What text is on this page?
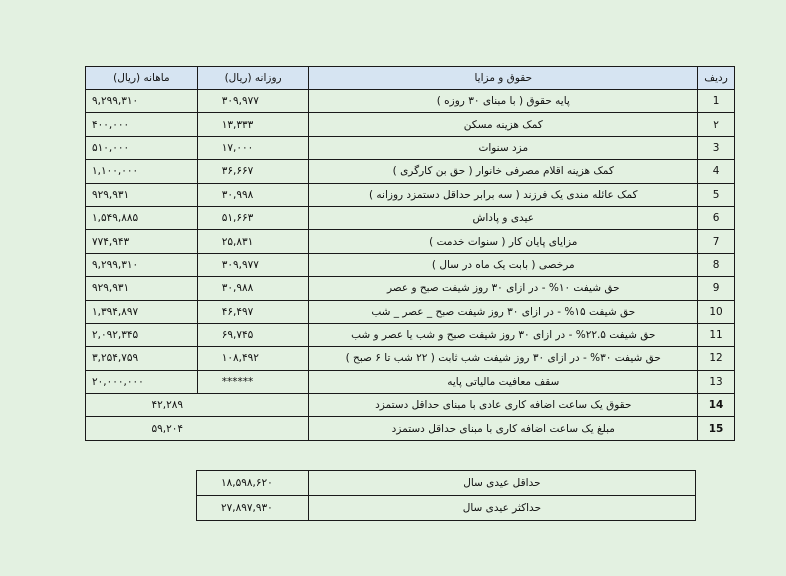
ردیف	حقوق و مزایا	روزانه (ریال)	ماهانه (ریال)
1	پایه حقوق ( با مبنای ۳۰ روزه )	۳۰۹,۹۷۷	۹,۲۹۹,۳۱۰
۲	کمک هزینه مسکن	۱۳,۳۳۳	۴۰۰,۰۰۰
3	مزد سنوات	۱۷,۰۰۰	۵۱۰,۰۰۰
4	کمک هزینه اقلام مصرفی خانوار ( حق بن کارگری )	۳۶,۶۶۷	۱,۱۰۰,۰۰۰
5	کمک عائله مندی یک فرزند ( سه برابر حداقل دستمزد روزانه )	۳۰,۹۹۸	۹۲۹,۹۳۱
6	عیدی و پاداش	۵۱,۶۶۳	۱,۵۴۹,۸۸۵
7	مزایای پایان کار ( سنوات خدمت )	۲۵,۸۳۱	۷۷۴,۹۴۳
8	مرخصی ( بابت یک ماه در سال )	۳۰۹,۹۷۷	۹,۲۹۹,۳۱۰
9	حق شیفت ۱۰% - در ازای ۳۰ روز شیفت صبح و عصر	۳۰,۹۸۸	۹۲۹,۹۳۱
10	حق شیفت ۱۵% - در ازای ۳۰ روز شیفت صبح _ عصر _ شب	۴۶,۴۹۷	۱,۳۹۴,۸۹۷
11	حق شیفت ۲۲.۵% - در ازای ۳۰ روز شیفت صبح و شب یا عصر و شب	۶۹,۷۴۵	۲,۰۹۲,۳۴۵
12	حق شیفت ۳۰% - در ازای ۳۰ روز شیفت شب ثابت ( ۲۲ شب تا ۶ صبح )	۱۰۸,۴۹۲	۳,۲۵۴,۷۵۹
13	سقف معافیت مالیاتی پایه	******	۲۰,۰۰۰,۰۰۰
14	حقوق یک ساعت اضافه کاری عادی با مبنای حداقل دستمزد	۴۲,۲۸۹	
15	مبلغ یک ساعت اضافه کاری با مبنای حداقل دستمزد	۵۹,۲۰۴	
حداقل عیدی سال	۱۸,۵۹۸,۶۲۰
حداکثر عیدی سال	۲۷,۸۹۷,۹۳۰
